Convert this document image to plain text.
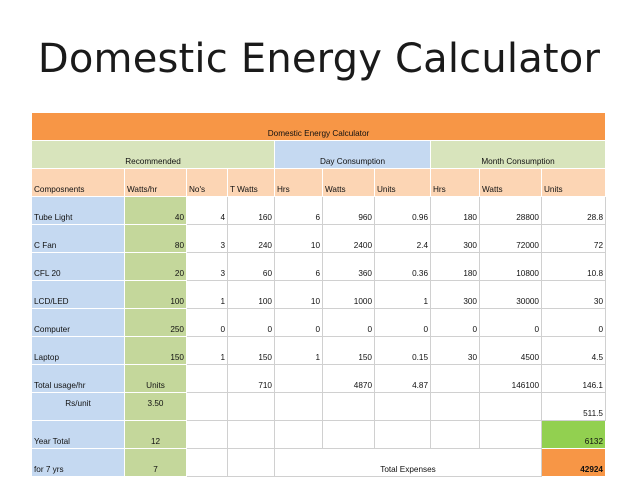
Domestic Energy Calculator
Domestic Energy Calculator									
Recommended				Day Consumption			Month Consumption		
Composnents	Watts/hr	No's	T Watts	Hrs	Watts	Units	Hrs	Watts	Units
Tube Light	40	4	160	6	960	0.96	180	28800	28.8
C Fan	80	3	240	10	2400	2.4	300	72000	72
CFL 20	20	3	60	6	360	0.36	180	10800	10.8
LCD/LED	100	1	100	10	1000	1	300	30000	30
Computer	250	0	0	0	0	0	0	0	0
Laptop	150	1	150	1	150	0.15	30	4500	4.5
Total usage/hr	Units		710		4870	4.87		146100	146.1
Rs/unit	3.50								511.5
Year Total	12								6132
for 7 yrs	7			Total Expenses					42924
